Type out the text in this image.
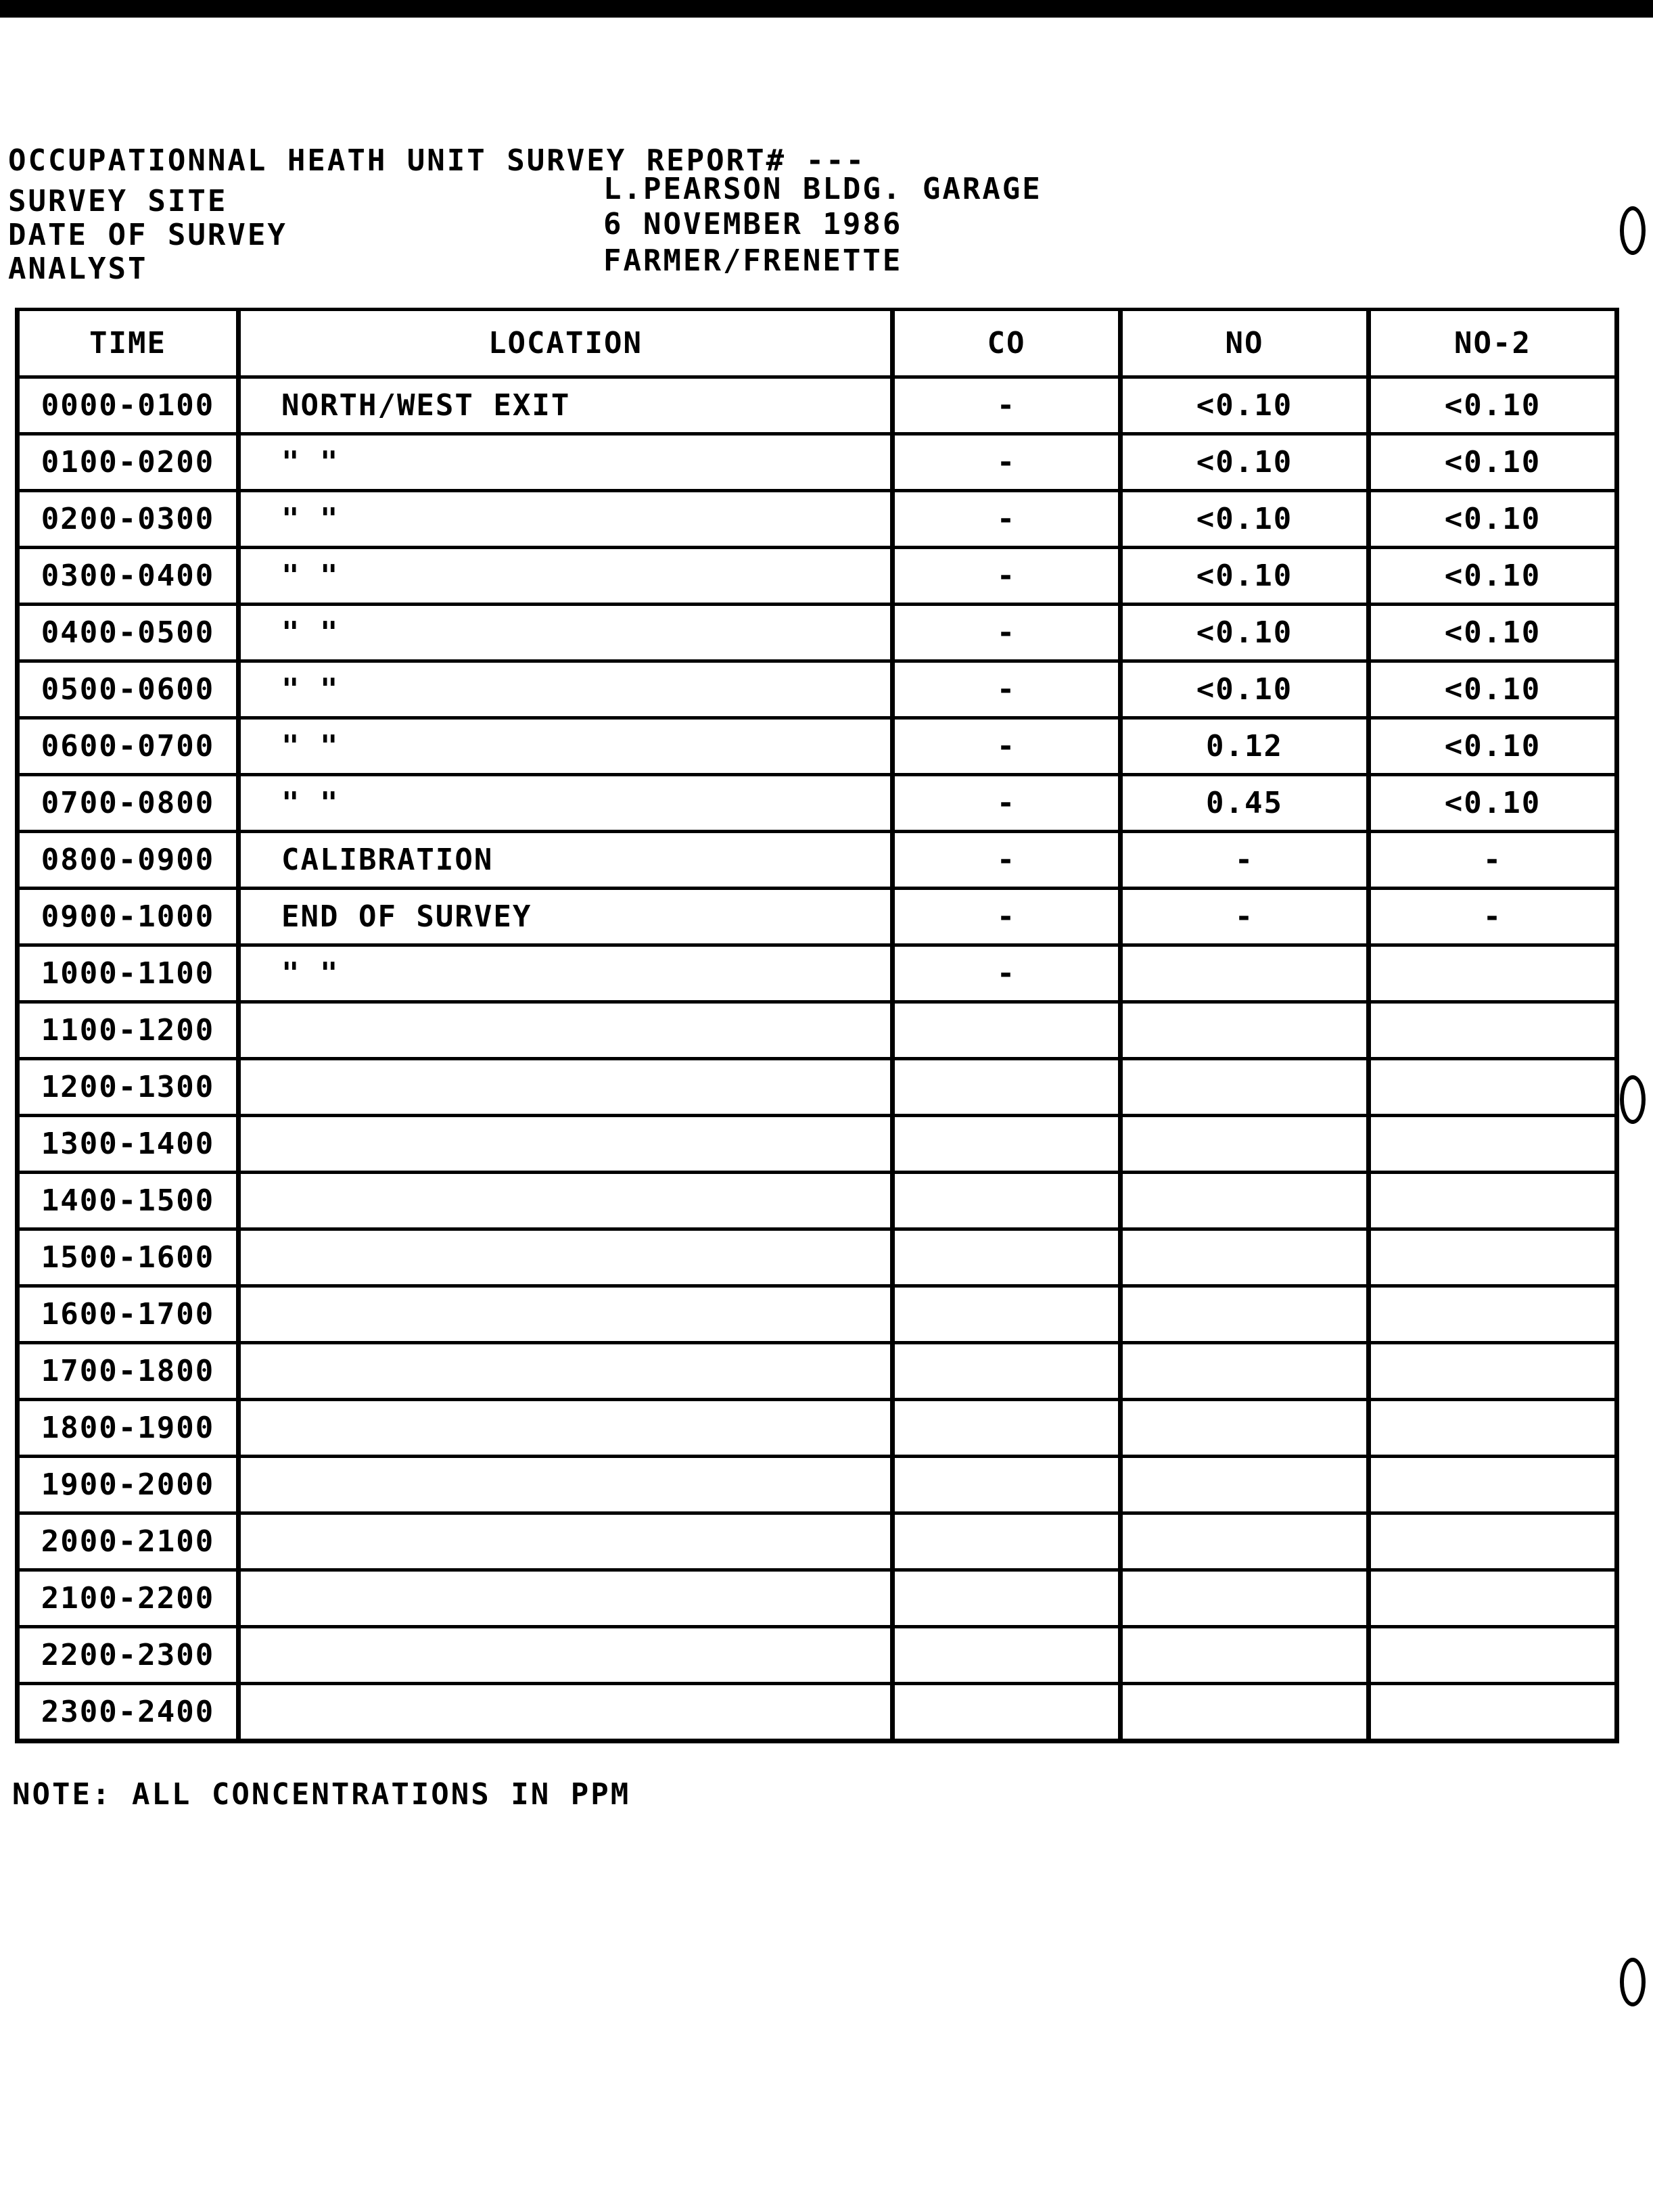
OCCUPATIONNAL HEATH UNIT SURVEY REPORT# ---
SURVEY SITE	L.PEARSON BLDG. GARAGE
DATE OF SURVEY	6 NOVEMBER 1986
ANALYST	FARMER/FRENETTE
TIME	LOCATION	CO	NO	NO-2
0000-0100	NORTH/WEST EXIT	-	<0.10	<0.10
0100-0200	" "	-	<0.10	<0.10
0200-0300	" "	-	<0.10	<0.10
0300-0400	" "	-	<0.10	<0.10
0400-0500	" "	-	<0.10	<0.10
0500-0600	" "	-	<0.10	<0.10
0600-0700	" "	-	0.12	<0.10
0700-0800	" "	-	0.45	<0.10
0800-0900	CALIBRATION	-	-	-
0900-1000	END OF SURVEY	-	-	-
1000-1100	" "	-		
1100-1200				
1200-1300				
1300-1400				
1400-1500				
1500-1600				
1600-1700				
1700-1800				
1800-1900				
1900-2000				
2000-2100				
2100-2200				
2200-2300				
2300-2400				
NOTE: ALL CONCENTRATIONS IN PPM
